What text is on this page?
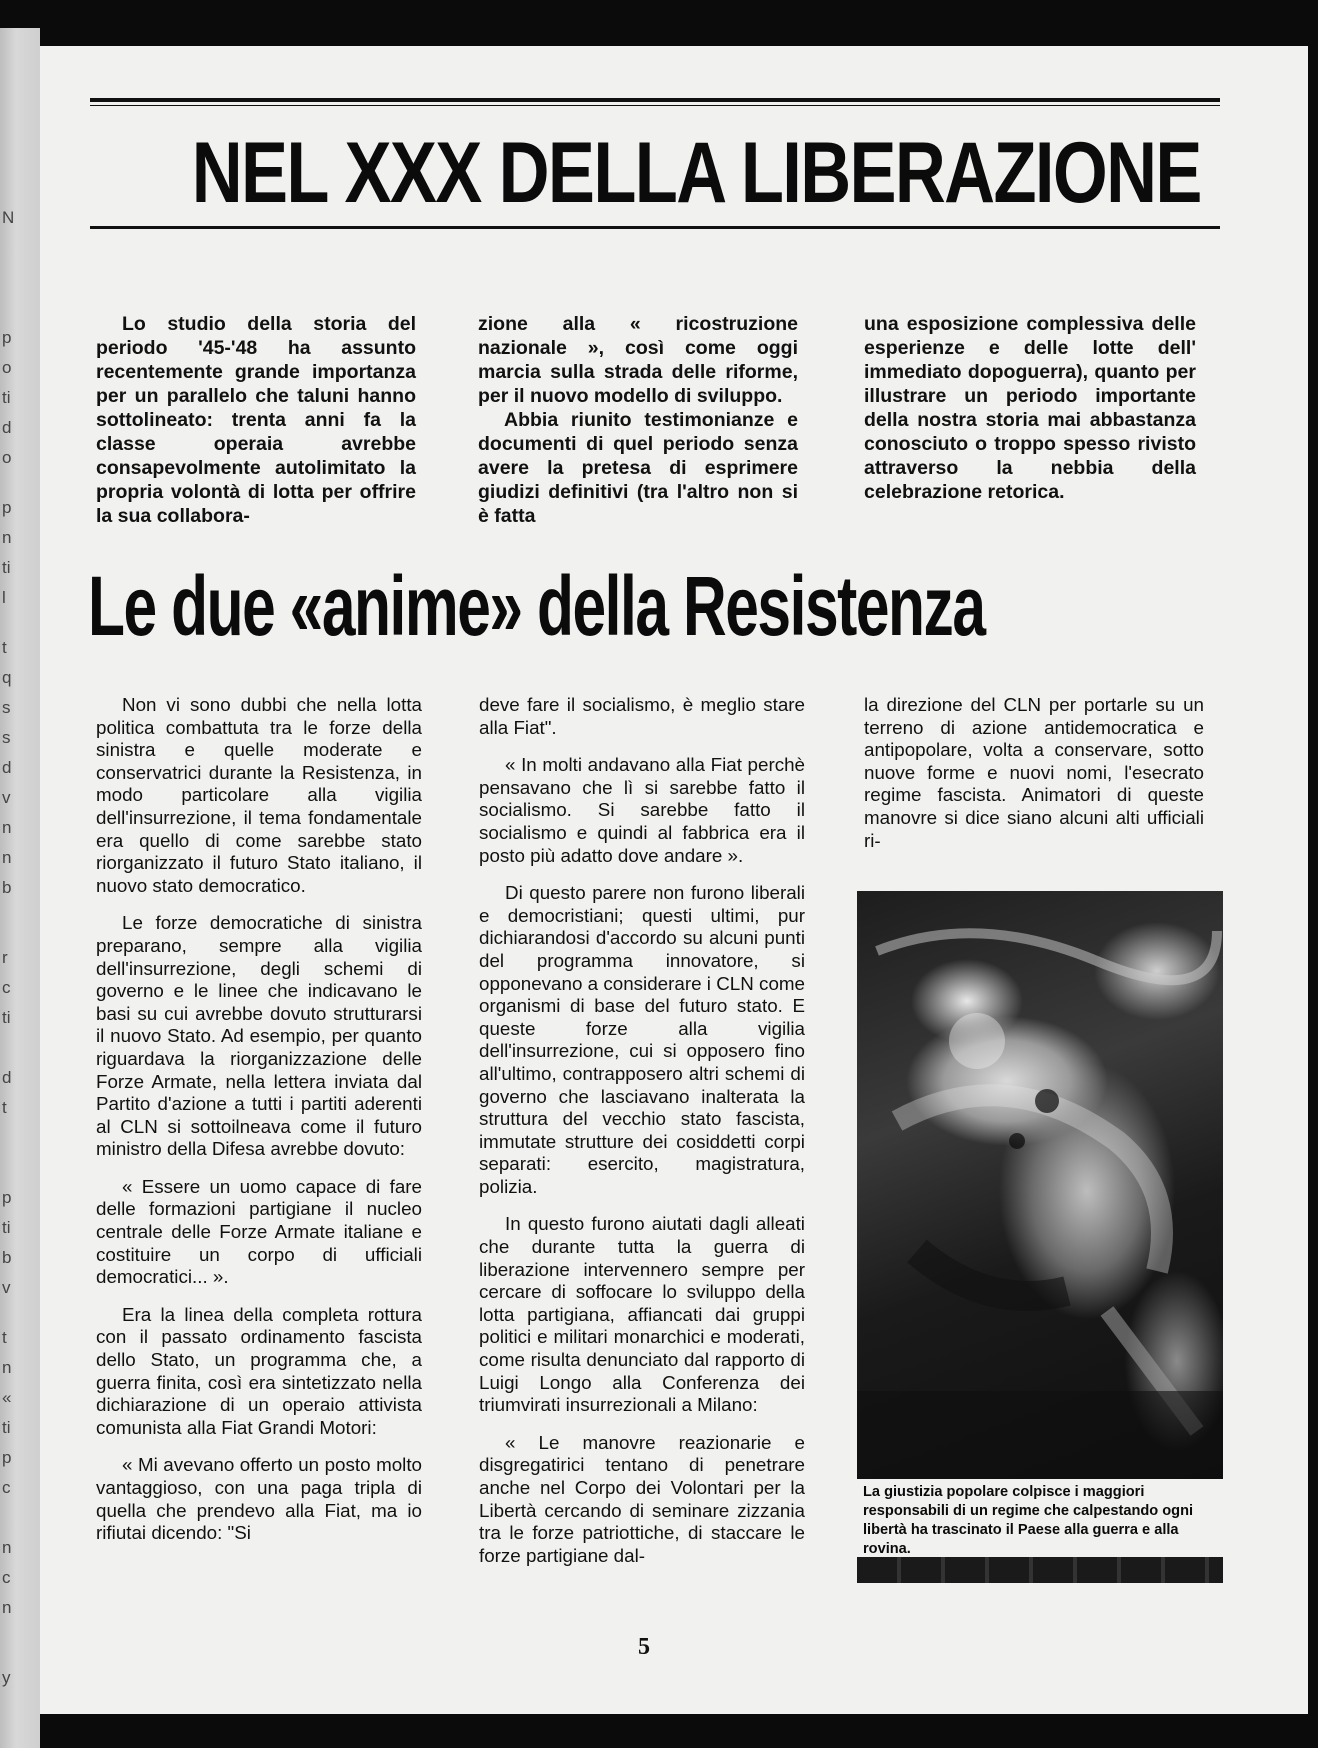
N
p
o
ti
d
o
p
n
ti
l
t
q
s
s
d
v
n
n
b
r
c
ti
d
t
p
ti
b
v
t
n
«
ti
p
c
n
c
n
y
NEL XXX DELLA LIBERAZIONE
Lo studio della storia del periodo '45-'48 ha assunto recentemente grande importanza per un parallelo che taluni hanno sottolineato: trenta anni fa la classe operaia avrebbe consapevolmente autolimitato la propria volontà di lotta per offrire la sua collabora-
zione alla « ricostruzione nazionale », così come oggi marcia sulla strada delle riforme, per il nuovo modello di sviluppo.
Abbia riunito testimonianze e documenti di quel periodo senza avere la pretesa di esprimere giudizi definitivi (tra l'altro non si è fatta
una esposizione complessiva delle esperienze e delle lotte dell' immediato dopoguerra), quanto per illustrare un periodo importante della nostra storia mai abbastanza conosciuto o troppo spesso rivisto attraverso la nebbia della celebrazione retorica.
Le due «anime» della Resistenza

Non vi sono dubbi che nella lotta politica combattuta tra le forze della sinistra e quelle moderate e conservatrici durante la Resistenza, in modo particolare alla vigilia dell'insurrezione, il tema fondamentale era quello di come sarebbe stato riorganizzato il futuro Stato italiano, il nuovo stato democratico.

Le forze democratiche di sinistra preparano, sempre alla vigilia dell'insurrezione, degli schemi di governo e le linee che indicavano le basi su cui avrebbe dovuto strutturarsi il nuovo Stato. Ad esempio, per quanto riguardava la riorganizzazione delle Forze Armate, nella lettera inviata dal Partito d'azione a tutti i partiti aderenti al CLN si sottoilneava come il futuro ministro della Difesa avrebbe dovuto:

« Essere un uomo capace di fare delle formazioni partigiane il nucleo centrale delle Forze Armate italiane e costituire un corpo di ufficiali democratici... ».

Era la linea della completa rottura con il passato ordinamento fascista dello Stato, un programma che, a guerra finita, così era sintetizzato nella dichiarazione di un operaio attivista comunista alla Fiat Grandi Motori:

« Mi avevano offerto un posto molto vantaggioso, con una paga tripla di quella che prendevo alla Fiat, ma io rifiutai dicendo: "Si

deve fare il socialismo, è meglio stare alla Fiat".

« In molti andavano alla Fiat perchè pensavano che lì si sarebbe fatto il socialismo. Si sarebbe fatto il socialismo e quindi al fabbrica era il posto più adatto dove andare ».

Di questo parere non furono liberali e democristiani; questi ultimi, pur dichiarandosi d'accordo su alcuni punti del programma innovatore, si opponevano a considerare i CLN come organismi di base del futuro stato. E queste forze alla vigilia dell'insurrezione, cui si opposero fino all'ultimo, contrapposero altri schemi di governo che lasciavano inalterata la struttura del vecchio stato fascista, immutate strutture dei cosiddetti corpi separati: esercito, magistratura, polizia.

In questo furono aiutati dagli alleati che durante tutta la guerra di liberazione intervennero sempre per cercare di soffocare lo sviluppo della lotta partigiana, affiancati dai gruppi politici e militari monarchici e moderati, come risulta denunciato dal rapporto di Luigi Longo alla Conferenza dei triumvirati insurrezionali a Milano:

« Le manovre reazionarie e disgregatirici tentano di penetrare anche nel Corpo dei Volontari per la Libertà cercando di seminare zizzania tra le forze patriottiche, di staccare le forze partigiane dal-

la direzione del CLN per portarle su un terreno di azione antidemocratica e antipopolare, volta a conservare, sotto nuove forme e nuovi nomi, l'esecrato regime fascista. Animatori di queste manovre si dice siano alcuni alti ufficiali ri-

La giustizia popolare colpisce i maggiori responsabili di un regime che calpestando ogni libertà ha trascinato il Paese alla guerra e alla rovina.

5
